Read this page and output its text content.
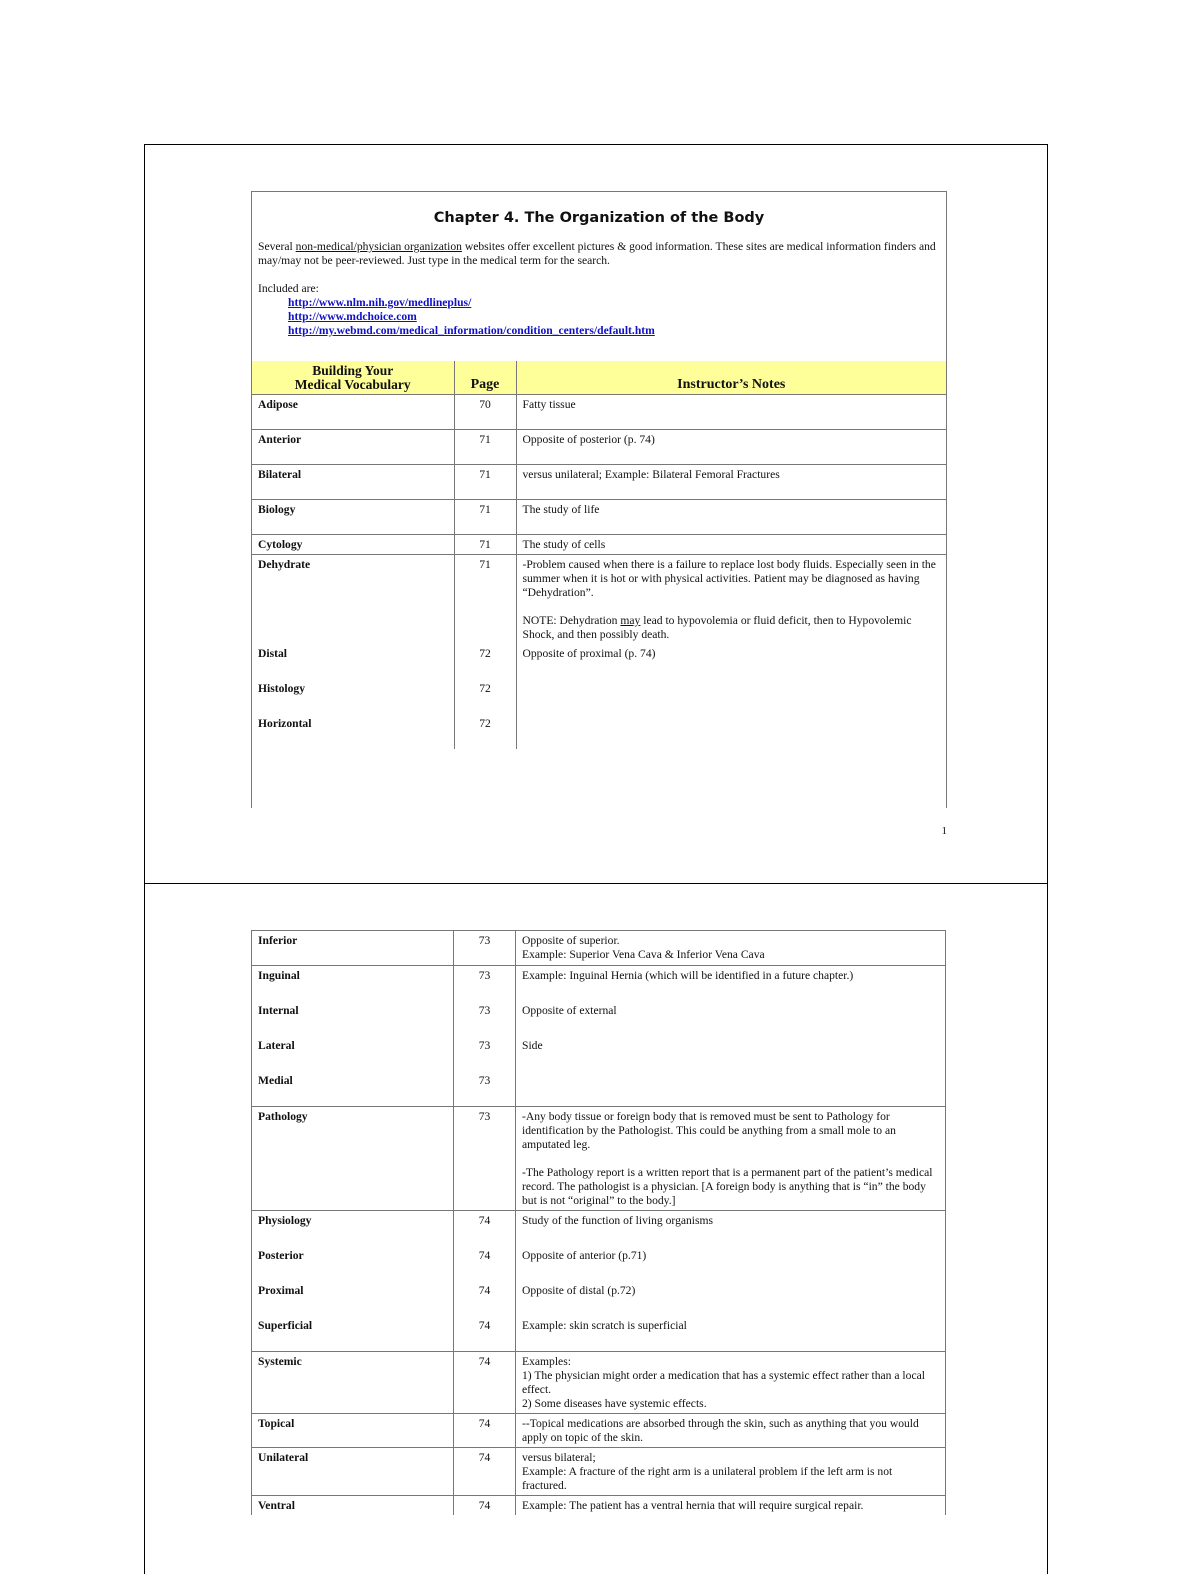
Chapter 4. The Organization of the Body
Several non-medical/physician organization websites offer excellent pictures & good information. These sites are medical information finders and may/may not be peer-reviewed. Just type in the medical term for the search.
Included are:
http://www.nlm.nih.gov/medlineplus/
http://www.mdchoice.com
http://my.webmd.com/medical_information/condition_centers/default.htm
Building Your
Medical Vocabulary	Page	Instructor’s Notes
Adipose	70	Fatty tissue
Anterior	71	Opposite of posterior (p. 74)
Bilateral	71	versus unilateral; Example: Bilateral Femoral Fractures
Biology	71	The study of life
Cytology	71	The study of cells
Dehydrate	71	-Problem caused when there is a failure to replace lost body fluids. Especially seen in the summer when it is hot or with physical activities. Patient may be diagnosed as having “Dehydration”.

NOTE: Dehydration may lead to hypovolemia or fluid deficit, then to Hypovolemic Shock, and then possibly death.

Distal	72	Opposite of proximal (p. 74)
Histology	72	
Horizontal	72	
1
Inferior	73	Opposite of superior.
Example: Superior Vena Cava & Inferior Vena Cava
Inguinal	73	Example: Inguinal Hernia (which will be identified in a future chapter.)
Internal	73	Opposite of external
Lateral	73	Side
Medial	73	
Pathology	73	-Any body tissue or foreign body that is removed must be sent to Pathology for identification by the Pathologist. This could be anything from a small mole to an amputated leg.

-The Pathology report is a written report that is a permanent part of the patient’s medical record. The pathologist is a physician. [A foreign body is anything that is “in” the body but is not “original” to the body.]

Physiology	74	Study of the function of living organisms
Posterior	74	Opposite of anterior (p.71)
Proximal	74	Opposite of distal (p.72)
Superficial	74	Example: skin scratch is superficial
Systemic	74	Examples:
1) The physician might order a medication that has a systemic effect rather than a local effect.
2) Some diseases have systemic effects.
Topical	74	--Topical medications are absorbed through the skin, such as anything that you would apply on topic of the skin.
Unilateral	74	versus bilateral;
Example: A fracture of the right arm is a unilateral problem if the left arm is not fractured.
Ventral	74	Example: The patient has a ventral hernia that will require surgical repair.
